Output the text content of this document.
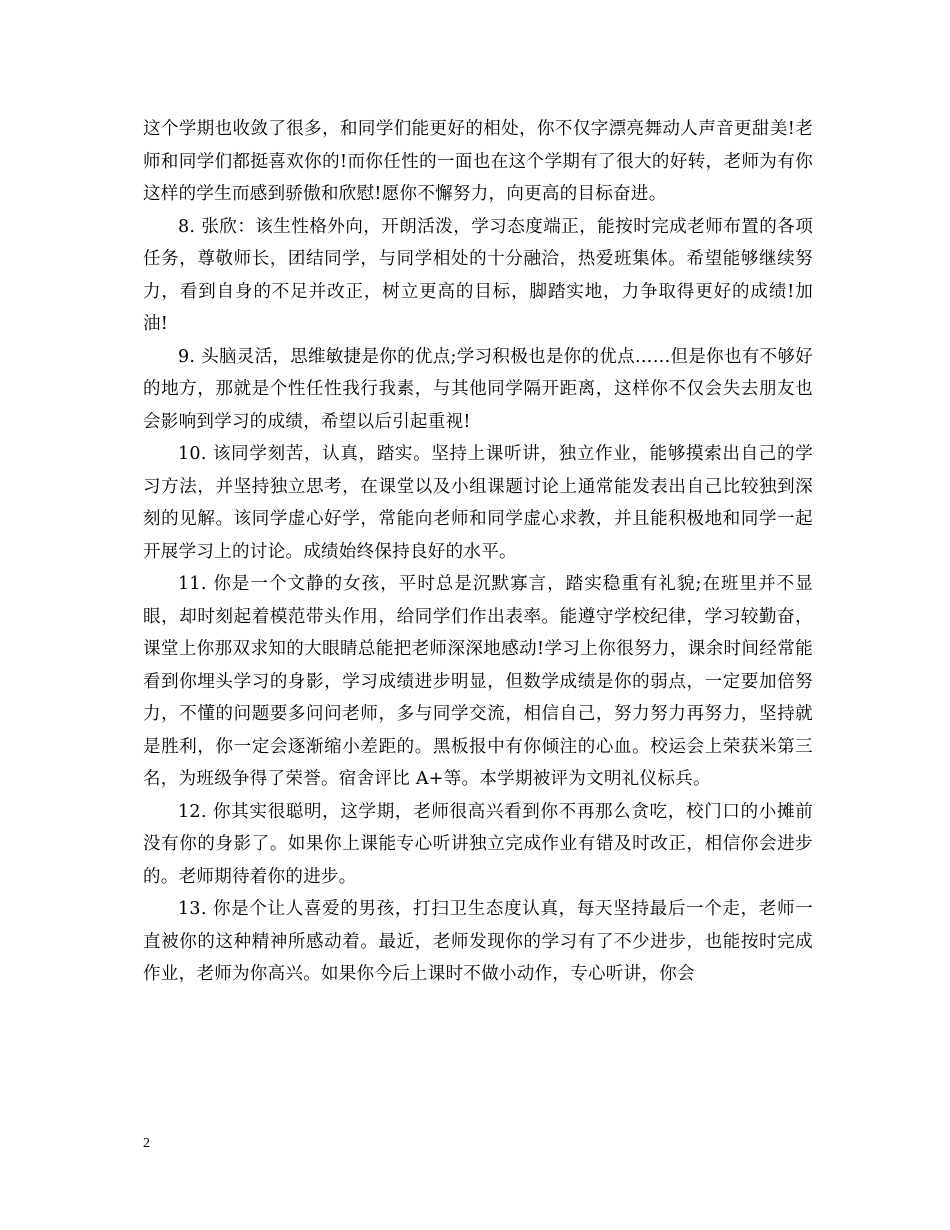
这个学期也收敛了很多，和同学们能更好的相处，你不仅字漂亮舞动人声音更甜美!老师和同学们都挺喜欢你的!而你任性的一面也在这个学期有了很大的好转，老师为有你这样的学生而感到骄傲和欣慰!愿你不懈努力，向更高的目标奋进。

8. 张欣：该生性格外向，开朗活泼，学习态度端正，能按时完成老师布置的各项任务，尊敬师长，团结同学，与同学相处的十分融洽，热爱班集体。希望能够继续努力，看到自身的不足并改正，树立更高的目标，脚踏实地，力争取得更好的成绩!加油!

9. 头脑灵活，思维敏捷是你的优点;学习积极也是你的优点……但是你也有不够好的地方，那就是个性任性我行我素，与其他同学隔开距离，这样你不仅会失去朋友也会影响到学习的成绩，希望以后引起重视!

10. 该同学刻苦，认真，踏实。坚持上课听讲，独立作业，能够摸索出自己的学习方法，并坚持独立思考，在课堂以及小组课题讨论上通常能发表出自己比较独到深刻的见解。该同学虚心好学，常能向老师和同学虚心求教，并且能积极地和同学一起开展学习上的讨论。成绩始终保持良好的水平。

11. 你是一个文静的女孩，平时总是沉默寡言，踏实稳重有礼貌;在班里并不显眼，却时刻起着模范带头作用，给同学们作出表率。能遵守学校纪律，学习较勤奋，课堂上你那双求知的大眼睛总能把老师深深地感动!学习上你很努力，课余时间经常能看到你埋头学习的身影，学习成绩进步明显，但数学成绩是你的弱点，一定要加倍努力，不懂的问题要多问问老师，多与同学交流，相信自己，努力努力再努力，坚持就是胜利，你一定会逐渐缩小差距的。黑板报中有你倾注的心血。校运会上荣获米第三名，为班级争得了荣誉。宿舍评比 A+等。本学期被评为文明礼仪标兵。

12. 你其实很聪明，这学期，老师很高兴看到你不再那么贪吃，校门口的小摊前没有你的身影了。如果你上课能专心听讲独立完成作业有错及时改正，相信你会进步的。老师期待着你的进步。

13. 你是个让人喜爱的男孩，打扫卫生态度认真，每天坚持最后一个走，老师一直被你的这种精神所感动着。最近，老师发现你的学习有了不少进步，也能按时完成作业，老师为你高兴。如果你今后上课时不做小动作，专心听讲，你会

2
